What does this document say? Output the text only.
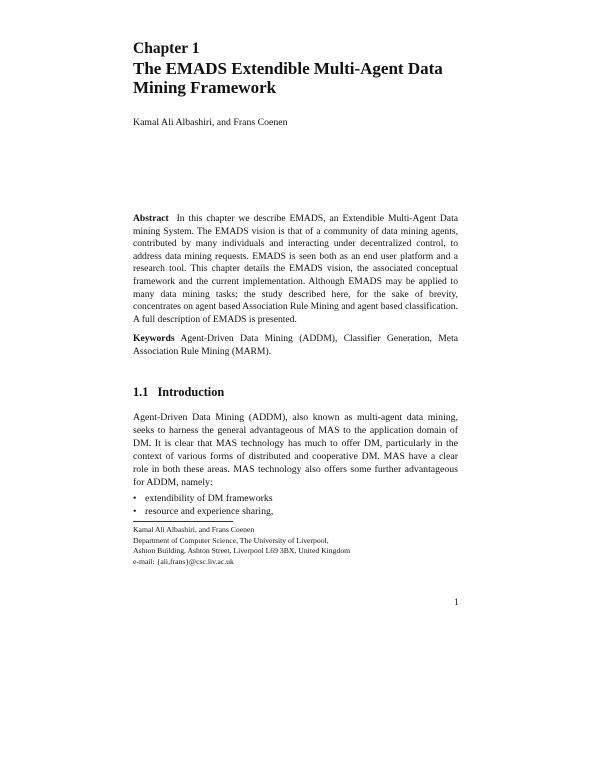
Chapter 1
The EMADS Extendible Multi-Agent Data Mining Framework
Kamal Ali Albashiri, and Frans Coenen

Abstract In this chapter we describe EMADS, an Extendible Multi-Agent Data mining System. The EMADS vision is that of a community of data mining agents, contributed by many individuals and interacting under decentralized control, to address data mining requests. EMADS is seen both as an end user platform and a research tool. This chapter details the EMADS vision, the associated conceptual framework and the current implementation. Although EMADS may be applied to many data mining tasks; the study described here, for the sake of brevity, concentrates on agent based Association Rule Mining and agent based classification. A full description of EMADS is presented.

Keywords Agent-Driven Data Mining (ADDM), Classifier Generation, Meta Association Rule Mining (MARM).

1.1 Introduction

Agent-Driven Data Mining (ADDM), also known as multi-agent data mining, seeks to harness the general advantageous of MAS to the application domain of DM. It is clear that MAS technology has much to offer DM, particularly in the context of various forms of distributed and cooperative DM. MAS have a clear role in both these areas. MAS technology also offers some further advantageous for ADDM, namely:

• extendibility of DM frameworks
• resource and experience sharing,
Kamal Ali Albashiri, and Frans Coenen
Department of Computer Science, The University of Liverpool,
Ashton Building, Ashton Street, Liverpool L69 3BX, United Kingdom
e-mail: {ali,frans}@csc.liv.ac.uk
1
